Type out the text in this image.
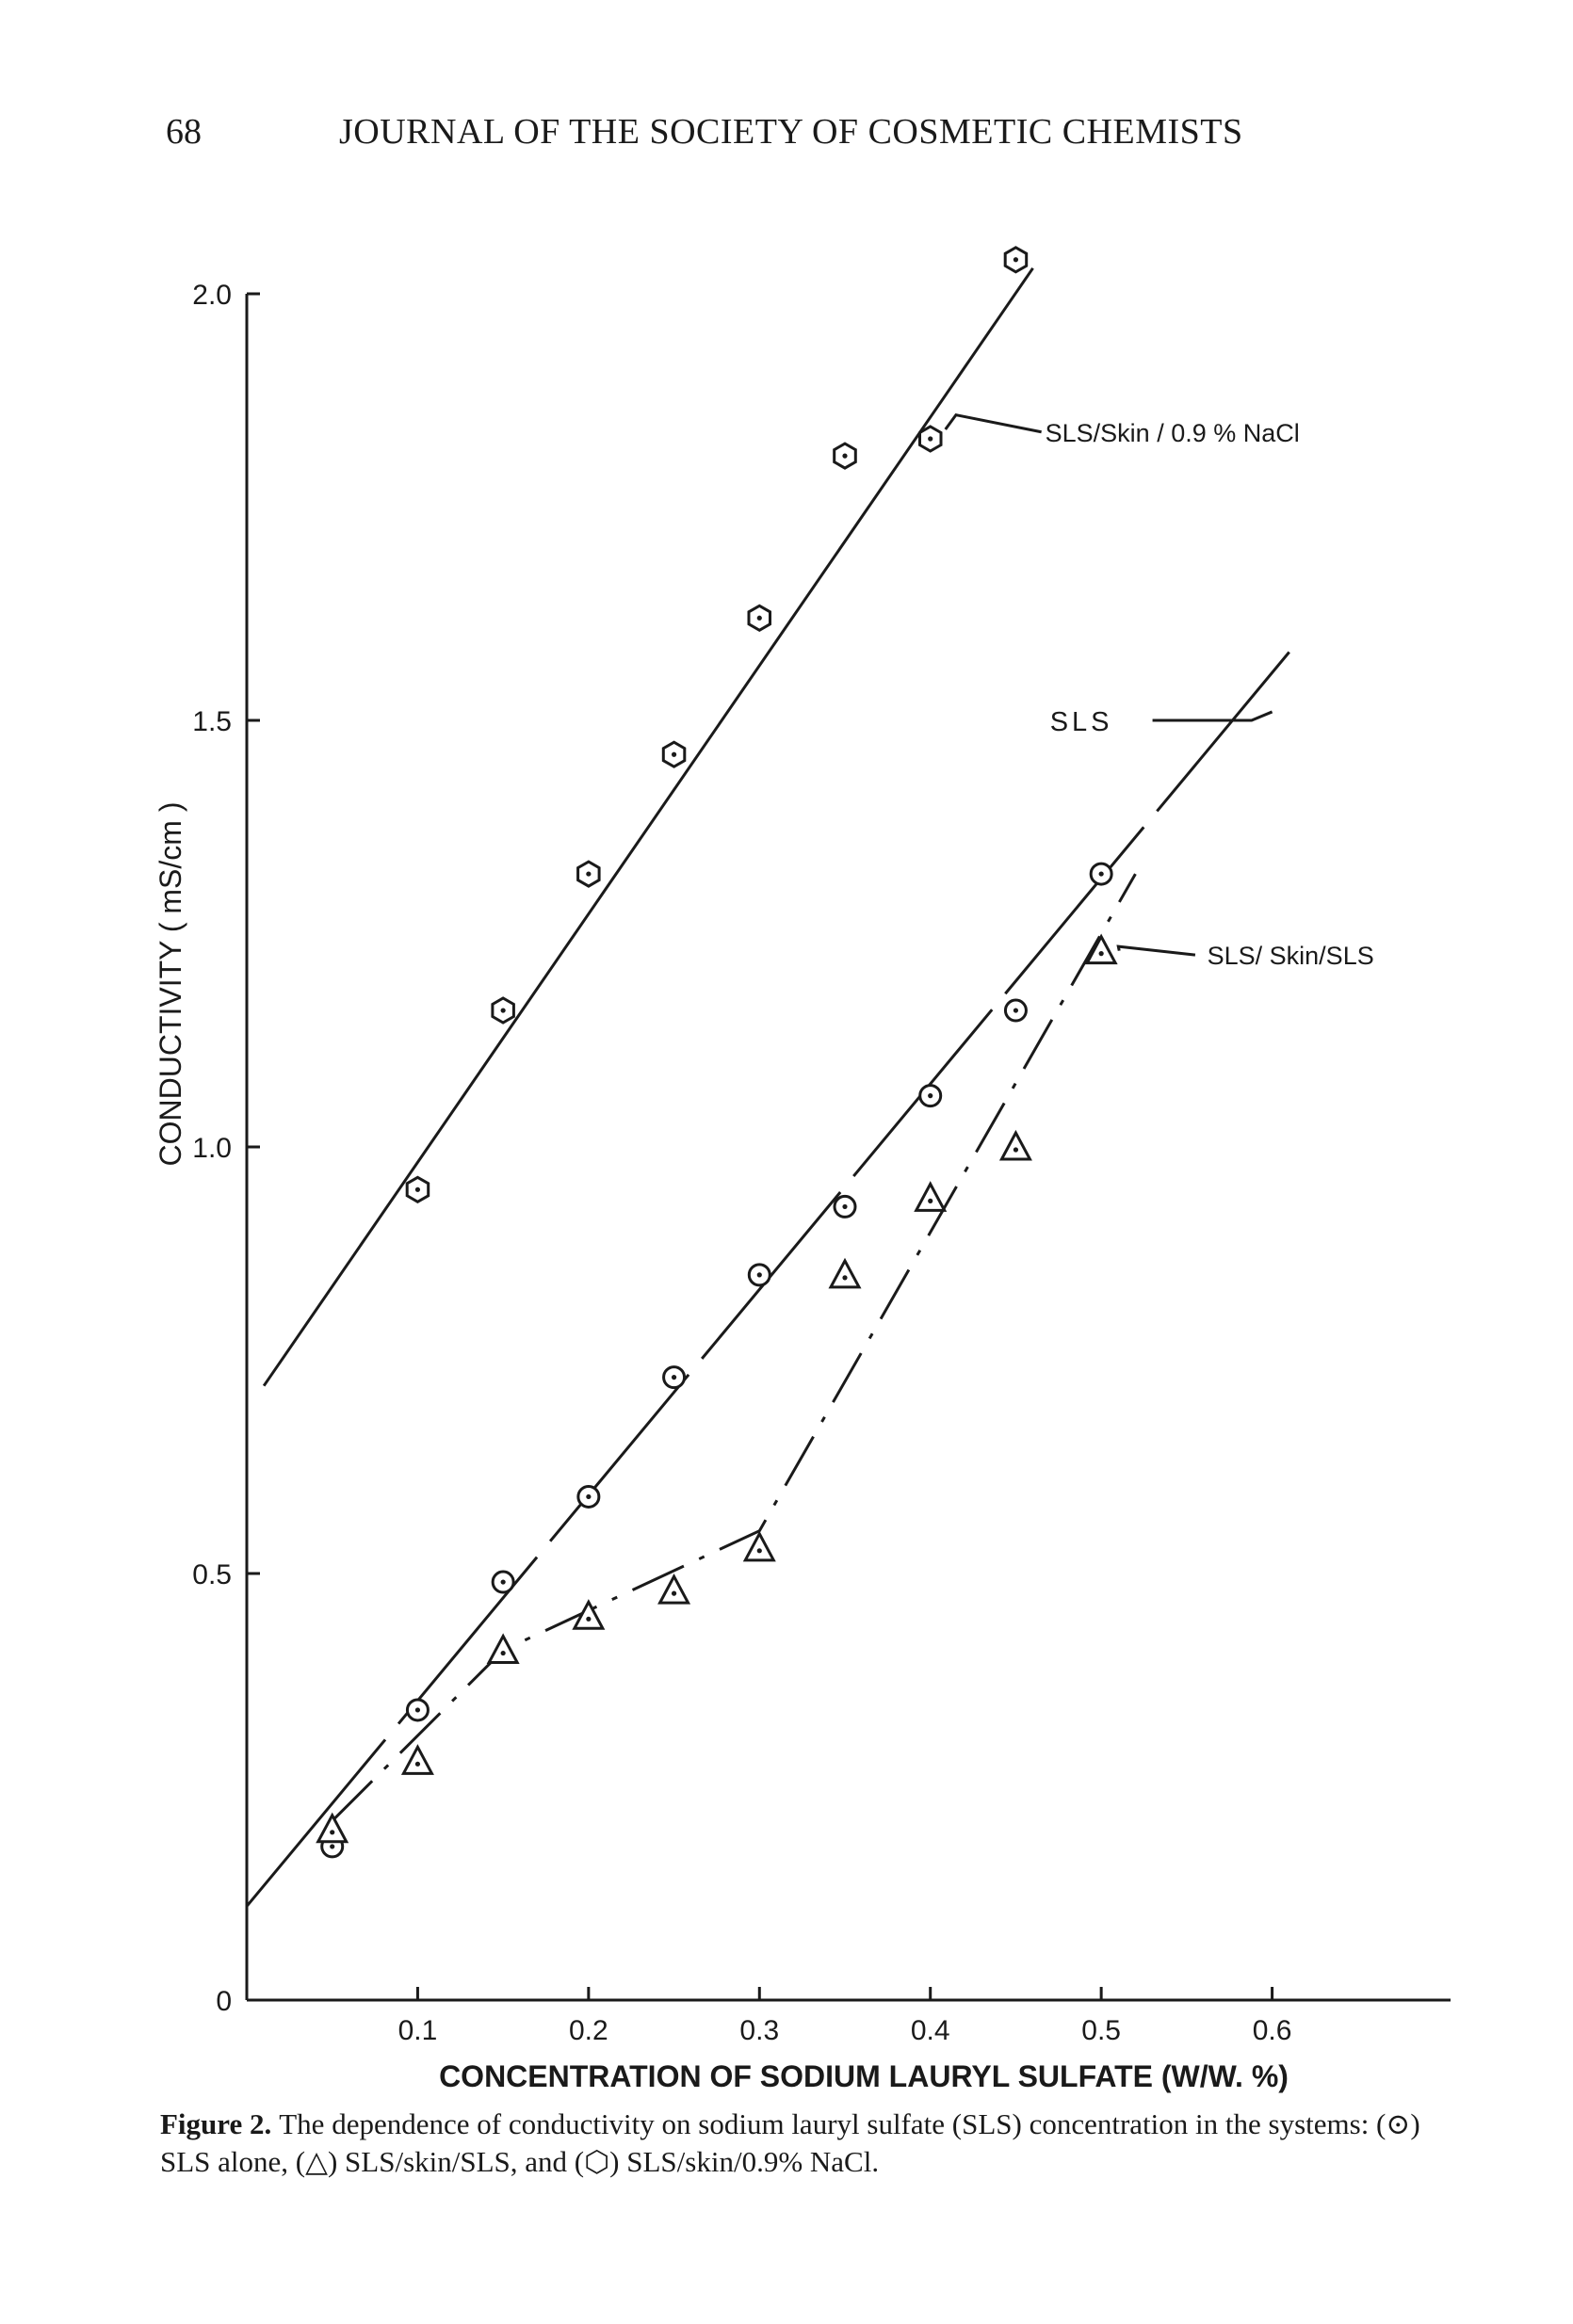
68	JOURNAL OF THE SOCIETY OF COSMETIC CHEMISTS
0
0.5
1.0
1.5
2.0
0.1	0.2	0.3	0.4	0.5	0.6
CONCENTRATION OF SODIUM LAURYL SULFATE (W/W. %)
CONDUCTIVITY ( mS/cm )
SLS/Skin / 0.9 % NaCl
SLS
SLS/ Skin/SLS
Figure 2. The dependence of conductivity on sodium lauryl sulfate (SLS) concentration in the systems: (⊙) SLS alone, (△) SLS/skin/SLS, and (⬡) SLS/skin/0.9% NaCl.
